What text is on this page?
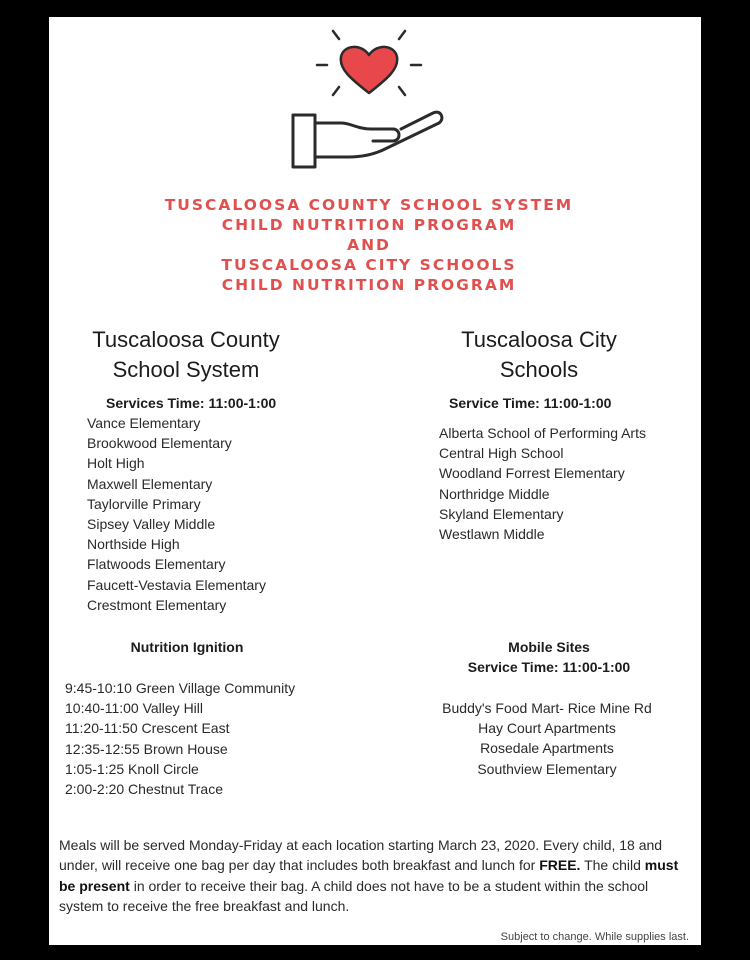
TUSCALOOSA COUNTY SCHOOL SYSTEM
CHILD NUTRITION PROGRAM
AND
TUSCALOOSA CITY SCHOOLS
CHILD NUTRITION PROGRAM
Tuscaloosa County
School System
Tuscaloosa City
Schools
Services Time: 11:00-1:00	Service Time: 11:00-1:00
Vance Elementary
Brookwood Elementary
Holt High
Maxwell Elementary
Taylorville Primary
Sipsey Valley Middle
Northside High
Flatwoods Elementary
Faucett-Vestavia Elementary
Crestmont Elementary
Alberta School of Performing Arts
Central High School
Woodland Forrest Elementary
Northridge Middle
Skyland Elementary
Westlawn Middle
Nutrition Ignition	Mobile Sites
Service Time: 11:00-1:00
9:45-10:10 Green Village Community
10:40-11:00 Valley Hill
11:20-11:50 Crescent East
12:35-12:55 Brown House
1:05-1:25 Knoll Circle
2:00-2:20 Chestnut Trace
Buddy's Food Mart- Rice Mine Rd
Hay Court Apartments
Rosedale Apartments
Southview Elementary

Meals will be served Monday-Friday at each location starting March 23, 2020. Every child, 18 and under, will receive one bag per day that includes both breakfast and lunch for FREE. The child must be present in order to receive their bag. A child does not have to be a student within the school system to receive the free breakfast and lunch.

Subject to change. While supplies last.
